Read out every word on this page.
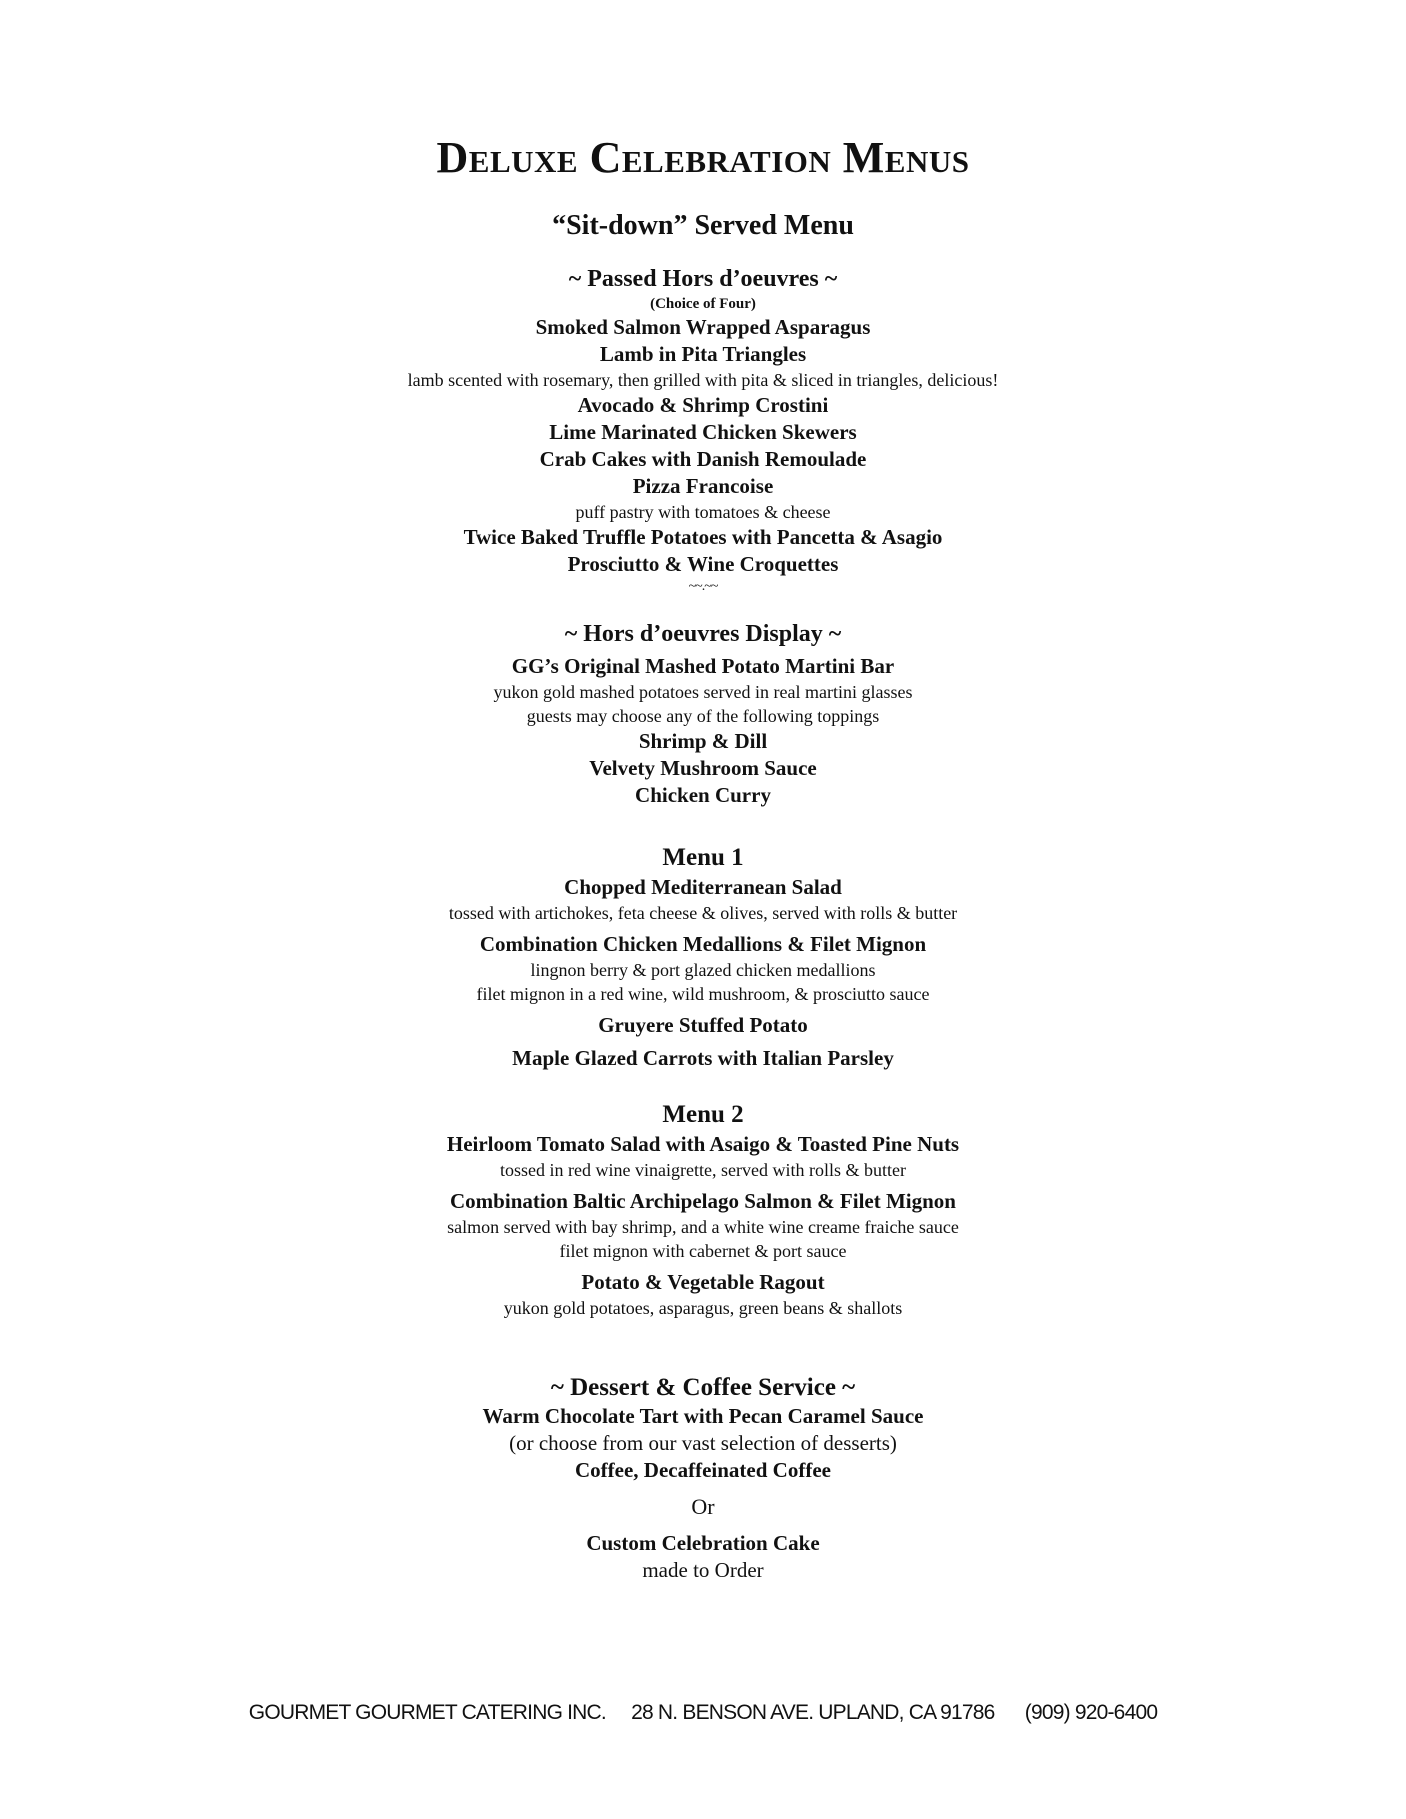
Deluxe Celebration Menus
“Sit-down” Served Menu
~ Passed Hors d’oeuvres ~
(Choice of Four)
Smoked Salmon Wrapped Asparagus
Lamb in Pita Triangles
lamb scented with rosemary, then grilled with pita & sliced in triangles, delicious!
Avocado & Shrimp Crostini
Lime Marinated Chicken Skewers
Crab Cakes with Danish Remoulade
Pizza Francoise
puff pastry with tomatoes & cheese
Twice Baked Truffle Potatoes with Pancetta & Asagio
Prosciutto & Wine Croquettes
~~.~~
~ Hors d’oeuvres Display ~
GG’s Original Mashed Potato Martini Bar
yukon gold mashed potatoes served in real martini glasses
guests may choose any of the following toppings
Shrimp & Dill
Velvety Mushroom Sauce
Chicken Curry
Menu 1
Chopped Mediterranean Salad
tossed with artichokes, feta cheese & olives, served with rolls & butter
Combination Chicken Medallions & Filet Mignon
lingnon berry & port glazed chicken medallions
filet mignon in a red wine, wild mushroom, & prosciutto sauce
Gruyere Stuffed Potato
Maple Glazed Carrots with Italian Parsley
Menu 2
Heirloom Tomato Salad with Asaigo & Toasted Pine Nuts
tossed in red wine vinaigrette, served with rolls & butter
Combination Baltic Archipelago Salmon & Filet Mignon
salmon served with bay shrimp, and a white wine creame fraiche sauce
filet mignon with cabernet & port sauce
Potato & Vegetable Ragout
yukon gold potatoes, asparagus, green beans & shallots
~ Dessert & Coffee Service ~
Warm Chocolate Tart with Pecan Caramel Sauce
(or choose from our vast selection of desserts)
Coffee, Decaffeinated Coffee
Or
Custom Celebration Cake
made to Order
GOURMET GOURMET CATERING INC. 28 N. BENSON AVE. UPLAND, CA 91786 (909) 920-6400
